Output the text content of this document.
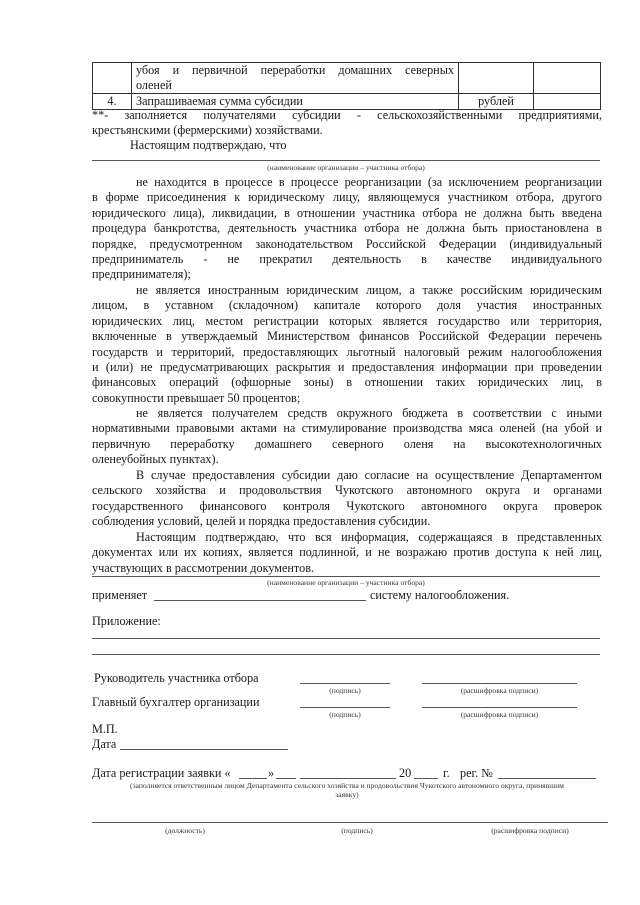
	убоя и первичной переработки домашних северных
оленей		

4.	Запрашиваемая сумма субсидии	рублей	
**- заполняется получателями субсидии - сельскохозяйственными предприятиями,
крестьянскими (фермерскими) хозяйствами.
Настоящим подтверждаю, что
(наименование организации – участника отбора)
не находится в процессе в процессе реорганизации (за исключением реорганизации
в форме присоединения к юридическому лицу, являющемуся участником отбора, другого
юридического лица), ликвидации, в отношении участника отбора не должна быть введена
процедура банкротства, деятельность участника отбора не должна быть приостановлена в
порядке, предусмотренном законодательством Российской Федерации (индивидуальный
предприниматель - не прекратил деятельность в качестве индивидуального
предпринимателя);
не является иностранным юридическим лицом, а также российским юридическим
лицом, в уставном (складочном) капитале которого доля участия иностранных
юридических лиц, местом регистрации которых является государство или территория,
включенные в утверждаемый Министерством финансов Российской Федерации перечень
государств и территорий, предоставляющих льготный налоговый режим налогообложения
и (или) не предусматривающих раскрытия и предоставления информации при проведении
финансовых операций (офшорные зоны) в отношении таких юридических лиц, в
совокупности превышает 50 процентов;
не является получателем средств окружного бюджета в соответствии с иными
нормативными правовыми актами на стимулирование производства мяса оленей (на убой и
первичную переработку домашнего северного оленя на высокотехнологичных
оленеубойных пунктах).
В случае предоставления субсидии даю согласие на осуществление Департаментом
сельского хозяйства и продовольствия Чукотского автономного округа и органами
государственного финансового контроля Чукотского автономного округа проверок
соблюдения условий, целей и порядка предоставления субсидии.
Настоящим подтверждаю, что вся информация, содержащаяся в представленных
документах или их копиях, является подлинной, и не возражаю против доступа к ней лиц,
участвующих в рассмотрении документов.
(наименование организации – участника отбора)
применяет	систему налогообложения.
Приложение:
Руководитель участника отбора
(подпись)	(расшифровка подписи)
Главный бухгалтер организации
(подпись)	(расшифровка подписи)
М.П.
Дата
Дата регистрации заявки «	»	20	г. рег. №
(заполняется ответственным лицом Департамента сельского хозяйства и продовольствия Чукотского автономного округа, принявшим
заявку)
(должность)	(подпись)	(расшифровка подписи)
